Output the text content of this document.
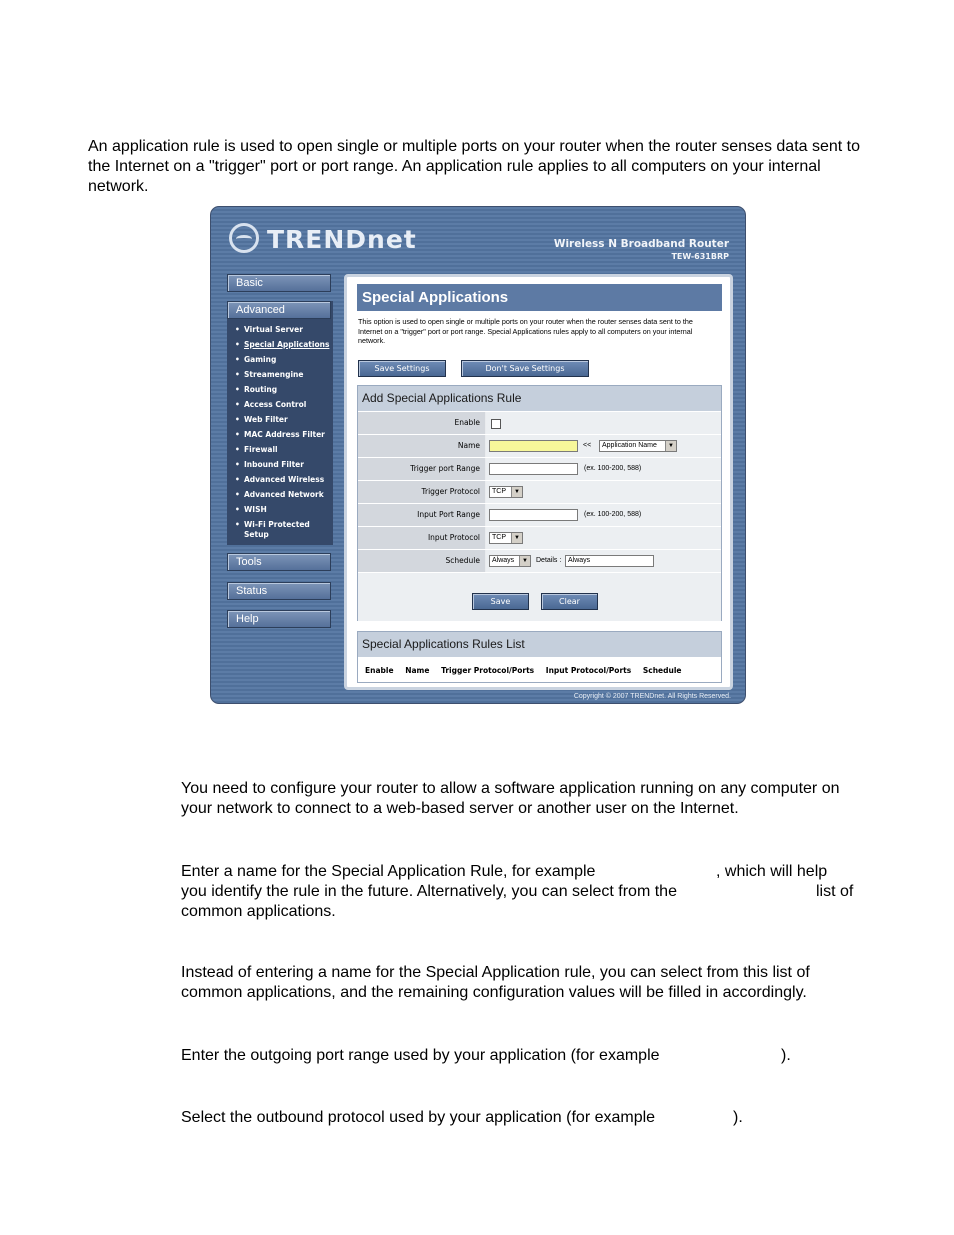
An application rule is used to open single or multiple ports on your router when the router senses data sent to the Internet on a "trigger" port or port range. An application rule applies to all computers on your internal network.

TRENDnet	Wireless N Broadband Router
TEW-631BRP
Basic
Advanced
• Virtual Server
• Special Applications
• Gaming
• Streamengine
• Routing
• Access Control
• Web Filter
• MAC Address Filter
• Firewall
• Inbound Filter
• Advanced Wireless
• Advanced Network
• WISH
• Wi-Fi Protected Setup
Tools
Status
Help
Special Applications
This option is used to open single or multiple ports on your router when the router senses data sent to the Internet on a "trigger" port or port range. Special Applications rules apply to all computers on your internal network.
Save Settings	Don't Save Settings
Add Special Applications Rule
Enable
Name	<<	Application Name	▼
Trigger port Range	(ex. 100-200, 588)
Trigger Protocol	TCP	▼
Input Port Range	(ex. 100-200, 588)
Input Protocol	TCP	▼
Schedule	Always	▼ Details : Always
Save	Clear
Special Applications Rules List
Enable Name Trigger Protocol/Ports Input Protocol/Ports Schedule
Copyright © 2007 TRENDnet. All Rights Reserved.

You need to configure your router to allow a software application running on any computer on your network to connect to a web-based server or another user on the Internet.

Enter a name for the Special Application Rule, for example	, which will help
list of

Instead of entering a name for the Special Application rule, you can select from this list of common applications, and the remaining configuration values will be filled in accordingly.

Enter the outgoing port range used by your application (for example	).
Select the outbound protocol used by your application (for example	).
you identify the rule in the future. Alternatively, you can select from the
common applications.
